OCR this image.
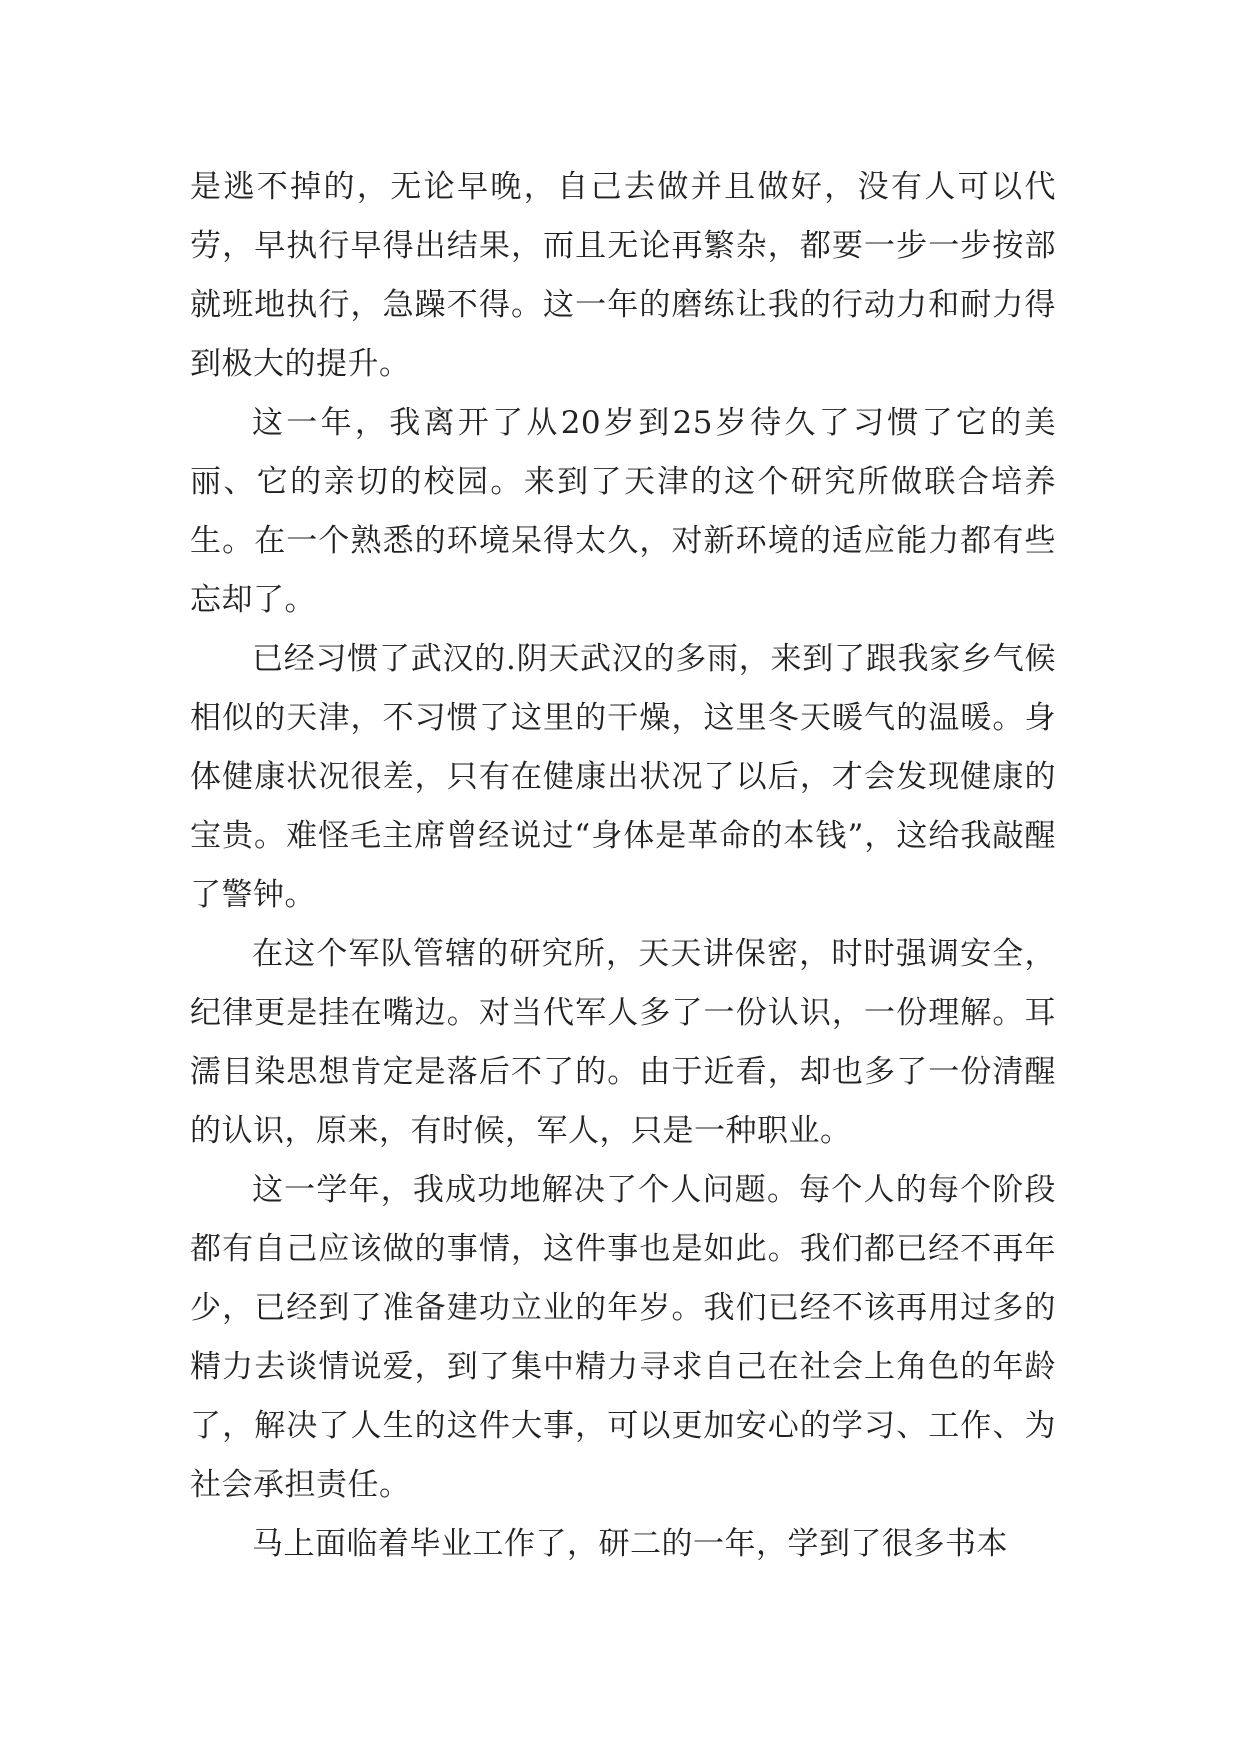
是逃不掉的，无论早晚，自己去做并且做好，没有人可以代劳，早执行早得出结果，而且无论再繁杂，都要一步一步按部就班地执行，急躁不得。这一年的磨练让我的行动力和耐力得到极大的提升。

这一年，我离开了从20岁到25岁待久了习惯了它的美丽、它的亲切的校园。来到了天津的这个研究所做联合培养生。在一个熟悉的环境呆得太久，对新环境的适应能力都有些忘却了。

已经习惯了武汉的.阴天武汉的多雨，来到了跟我家乡气候相似的天津，不习惯了这里的干燥，这里冬天暖气的温暖。身体健康状况很差，只有在健康出状况了以后，才会发现健康的宝贵。难怪毛主席曾经说过“身体是革命的本钱”，这给我敲醒了警钟。

在这个军队管辖的研究所，天天讲保密，时时强调安全，纪律更是挂在嘴边。对当代军人多了一份认识，一份理解。耳濡目染思想肯定是落后不了的。由于近看，却也多了一份清醒的认识，原来，有时候，军人，只是一种职业。

这一学年，我成功地解决了个人问题。每个人的每个阶段都有自己应该做的事情，这件事也是如此。我们都已经不再年少，已经到了准备建功立业的年岁。我们已经不该再用过多的精力去谈情说爱，到了集中精力寻求自己在社会上角色的年龄了，解决了人生的这件大事，可以更加安心的学习、工作、为社会承担责任。

马上面临着毕业工作了，研二的一年，学到了很多书本
